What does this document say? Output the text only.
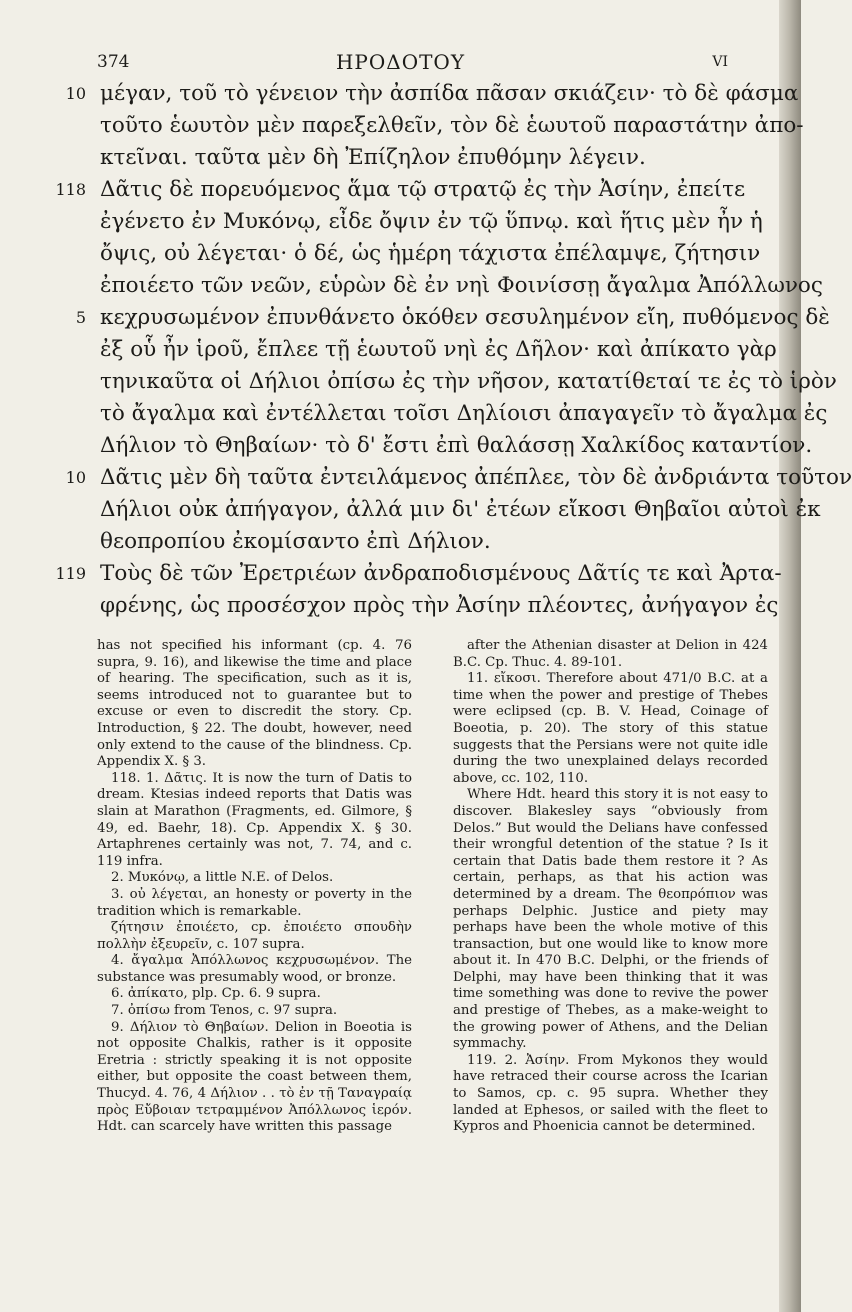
374	ΗΡΟΔΟΤΟΥ	VI
10 μέγαν, τοῦ τὸ γένειον τὴν ἀσπίδα πᾶσαν σκιάζειν· τὸ δὲ φάσμα
τοῦτο ἑωυτὸν μὲν παρεξελθεῖν, τὸν δὲ ἑωυτοῦ παραστάτην ἀπο-
κτεῖναι. ταῦτα μὲν δὴ Ἐπίζηλον ἐπυθόμην λέγειν.
118 Δᾶτις δὲ πορευόμενος ἅμα τῷ στρατῷ ἐς τὴν Ἀσίην, ἐπείτε
ἐγένετο ἐν Μυκόνῳ, εἶδε ὄψιν ἐν τῷ ὕπνῳ. καὶ ἥτις μὲν ἦν ἡ
ὄψις, οὐ λέγεται· ὁ δέ, ὡς ἡμέρη τάχιστα ἐπέλαμψε, ζήτησιν
ἐποιέετο τῶν νεῶν, εὑρὼν δὲ ἐν νηὶ Φοινίσσῃ ἄγαλμα Ἀπόλλωνος
5 κεχρυσωμένον ἐπυνθάνετο ὁκόθεν σεσυλημένον εἴη, πυθόμενος δὲ
ἐξ οὗ ἦν ἱροῦ, ἔπλεε τῇ ἑωυτοῦ νηὶ ἐς Δῆλον· καὶ ἀπίκατο γὰρ
τηνικαῦτα οἱ Δήλιοι ὀπίσω ἐς τὴν νῆσον, κατατίθεταί τε ἐς τὸ ἱρὸν
τὸ ἄγαλμα καὶ ἐντέλλεται τοῖσι Δηλίοισι ἀπαγαγεῖν τὸ ἄγαλμα ἐς
Δήλιον τὸ Θηβαίων· τὸ δ' ἔστι ἐπὶ θαλάσσῃ Χαλκίδος καταντίον.
10 Δᾶτις μὲν δὴ ταῦτα ἐντειλάμενος ἀπέπλεε, τὸν δὲ ἀνδριάντα τοῦτον
Δήλιοι οὐκ ἀπήγαγον, ἀλλά μιν δι' ἐτέων εἴκοσι Θηβαῖοι αὐτοὶ ἐκ
θεοπροπίου ἐκομίσαντο ἐπὶ Δήλιον.
119 Τοὺς δὲ τῶν Ἐρετριέων ἀνδραποδισμένους Δᾶτίς τε καὶ Ἀρτα-
φρένης, ὡς προσέσχον πρὸς τὴν Ἀσίην πλέοντες, ἀνήγαγον ἐς

has not specified his informant (cp. 4. 76 supra, 9. 16), and likewise the time and place of hearing. The specification, such as it is, seems introduced not to guarantee but to excuse or even to discredit the story. Cp. Introduction, § 22. The doubt, however, need only extend to the cause of the blindness. Cp. Appendix X. § 3.

118. 1. Δᾶτις. It is now the turn of Datis to dream. Ktesias indeed reports that Datis was slain at Marathon (Fragments, ed. Gilmore, § 49, ed. Baehr, 18). Cp. Appendix X. § 30. Artaphrenes certainly was not, 7. 74, and c. 119 infra.

2. Μυκόνῳ, a little N.E. of Delos.

3. οὐ λέγεται, an honesty or poverty in the tradition which is remarkable.

ζήτησιν ἐποιέετο, cp. ἐποιέετο σπουδὴν πολλὴν ἐξευρεῖν, c. 107 supra.

4. ἄγαλμα Ἀπόλλωνος κεχρυσωμένον. The substance was presumably wood, or bronze.

6. ἀπίκατο, plp. Cp. 6. 9 supra.

7. ὀπίσω from Tenos, c. 97 supra.

9. Δήλιον τὸ Θηβαίων. Delion in Boeotia is not opposite Chalkis, rather is it opposite Eretria : strictly speaking it is not opposite either, but opposite the coast between them, Thucyd. 4. 76, 4 Δήλιον . . τὸ ἐν τῇ Ταναγραίᾳ πρὸς Εὔβοιαν τετραμμένον Ἀπόλλωνος ἱερόν. Hdt. can scarcely have written this passage

after the Athenian disaster at Delion in 424 B.C. Cp. Thuc. 4. 89-101.

11. εἴκοσι. Therefore about 471/0 B.C. at a time when the power and prestige of Thebes were eclipsed (cp. B. V. Head, Coinage of Boeotia, p. 20). The story of this statue suggests that the Persians were not quite idle during the two unexplained delays recorded above, cc. 102, 110.

Where Hdt. heard this story it is not easy to discover. Blakesley says “obviously from Delos.” But would the Delians have confessed their wrongful detention of the statue ? Is it certain that Datis bade them restore it ? As certain, perhaps, as that his action was determined by a dream. The θεοπρόπιον was perhaps Delphic. Justice and piety may perhaps have been the whole motive of this transaction, but one would like to know more about it. In 470 B.C. Delphi, or the friends of Delphi, may have been thinking that it was time something was done to revive the power and prestige of Thebes, as a make-weight to the growing power of Athens, and the Delian symmachy.

119. 2. Ἀσίην. From Mykonos they would have retraced their course across the Icarian to Samos, cp. c. 95 supra. Whether they landed at Ephesos, or sailed with the fleet to Kypros and Phoenicia cannot be determined.
